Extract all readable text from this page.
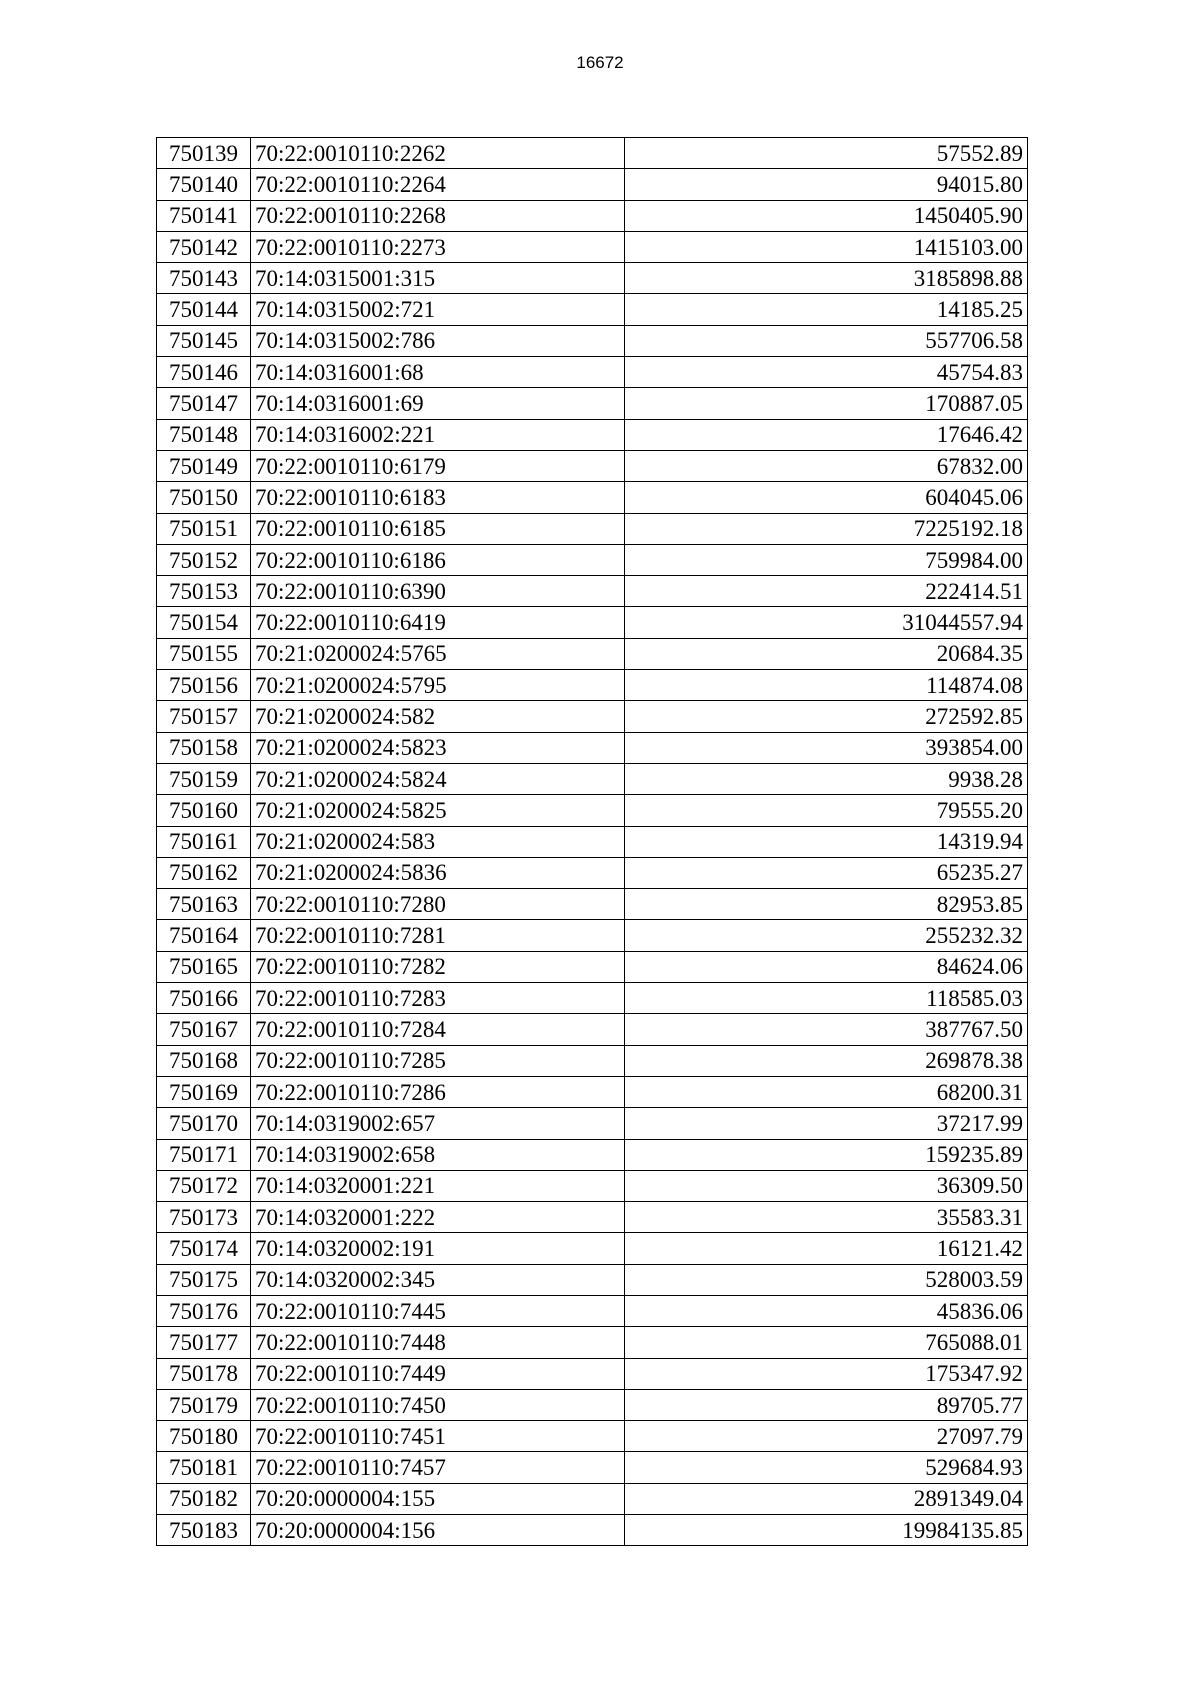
16672
750139	70:22:0010110:2262	57552.89
750140	70:22:0010110:2264	94015.80
750141	70:22:0010110:2268	1450405.90
750142	70:22:0010110:2273	1415103.00
750143	70:14:0315001:315	3185898.88
750144	70:14:0315002:721	14185.25
750145	70:14:0315002:786	557706.58
750146	70:14:0316001:68	45754.83
750147	70:14:0316001:69	170887.05
750148	70:14:0316002:221	17646.42
750149	70:22:0010110:6179	67832.00
750150	70:22:0010110:6183	604045.06
750151	70:22:0010110:6185	7225192.18
750152	70:22:0010110:6186	759984.00
750153	70:22:0010110:6390	222414.51
750154	70:22:0010110:6419	31044557.94
750155	70:21:0200024:5765	20684.35
750156	70:21:0200024:5795	114874.08
750157	70:21:0200024:582	272592.85
750158	70:21:0200024:5823	393854.00
750159	70:21:0200024:5824	9938.28
750160	70:21:0200024:5825	79555.20
750161	70:21:0200024:583	14319.94
750162	70:21:0200024:5836	65235.27
750163	70:22:0010110:7280	82953.85
750164	70:22:0010110:7281	255232.32
750165	70:22:0010110:7282	84624.06
750166	70:22:0010110:7283	118585.03
750167	70:22:0010110:7284	387767.50
750168	70:22:0010110:7285	269878.38
750169	70:22:0010110:7286	68200.31
750170	70:14:0319002:657	37217.99
750171	70:14:0319002:658	159235.89
750172	70:14:0320001:221	36309.50
750173	70:14:0320001:222	35583.31
750174	70:14:0320002:191	16121.42
750175	70:14:0320002:345	528003.59
750176	70:22:0010110:7445	45836.06
750177	70:22:0010110:7448	765088.01
750178	70:22:0010110:7449	175347.92
750179	70:22:0010110:7450	89705.77
750180	70:22:0010110:7451	27097.79
750181	70:22:0010110:7457	529684.93
750182	70:20:0000004:155	2891349.04
750183	70:20:0000004:156	19984135.85
